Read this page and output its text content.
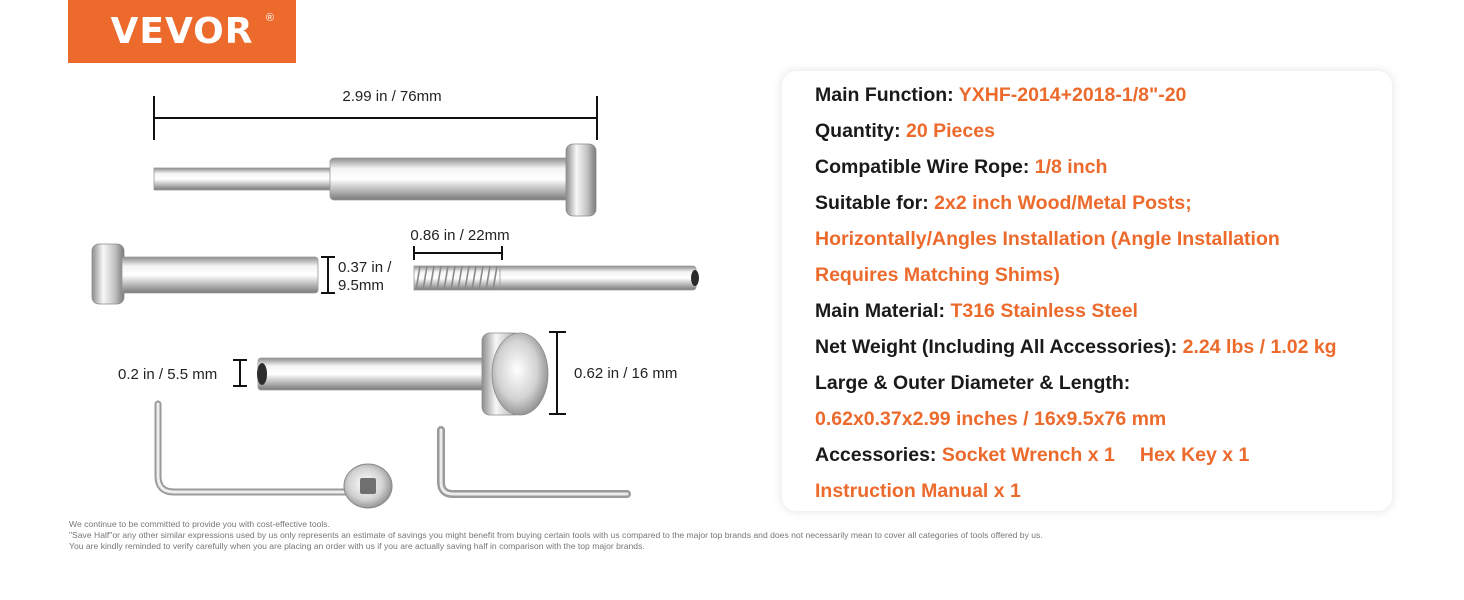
VEVOR ®
2.99 in / 76mm
0.37 in /
9.5mm
0.86 in / 22mm
0.2 in / 5.5 mm	0.62 in / 16 mm
Main Function: YXHF-2014+2018-1/8"-20
Quantity: 20 Pieces
Compatible Wire Rope: 1/8 inch
Suitable for: 2x2 inch Wood/Metal Posts;
Horizontally/Angles Installation (Angle Installation
Requires Matching Shims)
Main Material: T316 Stainless Steel
Net Weight (Including All Accessories): 2.24 lbs / 1.02 kg
Large & Outer Diameter & Length:
0.62x0.37x2.99 inches / 16x9.5x76 mm
Accessories: Socket Wrench x 1 Hex Key x 1
Instruction Manual x 1
We continue to be committed to provide you with cost-effective tools.
"Save Half"or any other similar expressions used by us only represents an estimate of savings you might benefit from buying certain tools with us compared to the major top brands and does not necessarily mean to cover all categories of tools offered by us.
You are kindly reminded to verify carefully when you are placing an order with us if you are actually saving half in comparison with the top major brands.
